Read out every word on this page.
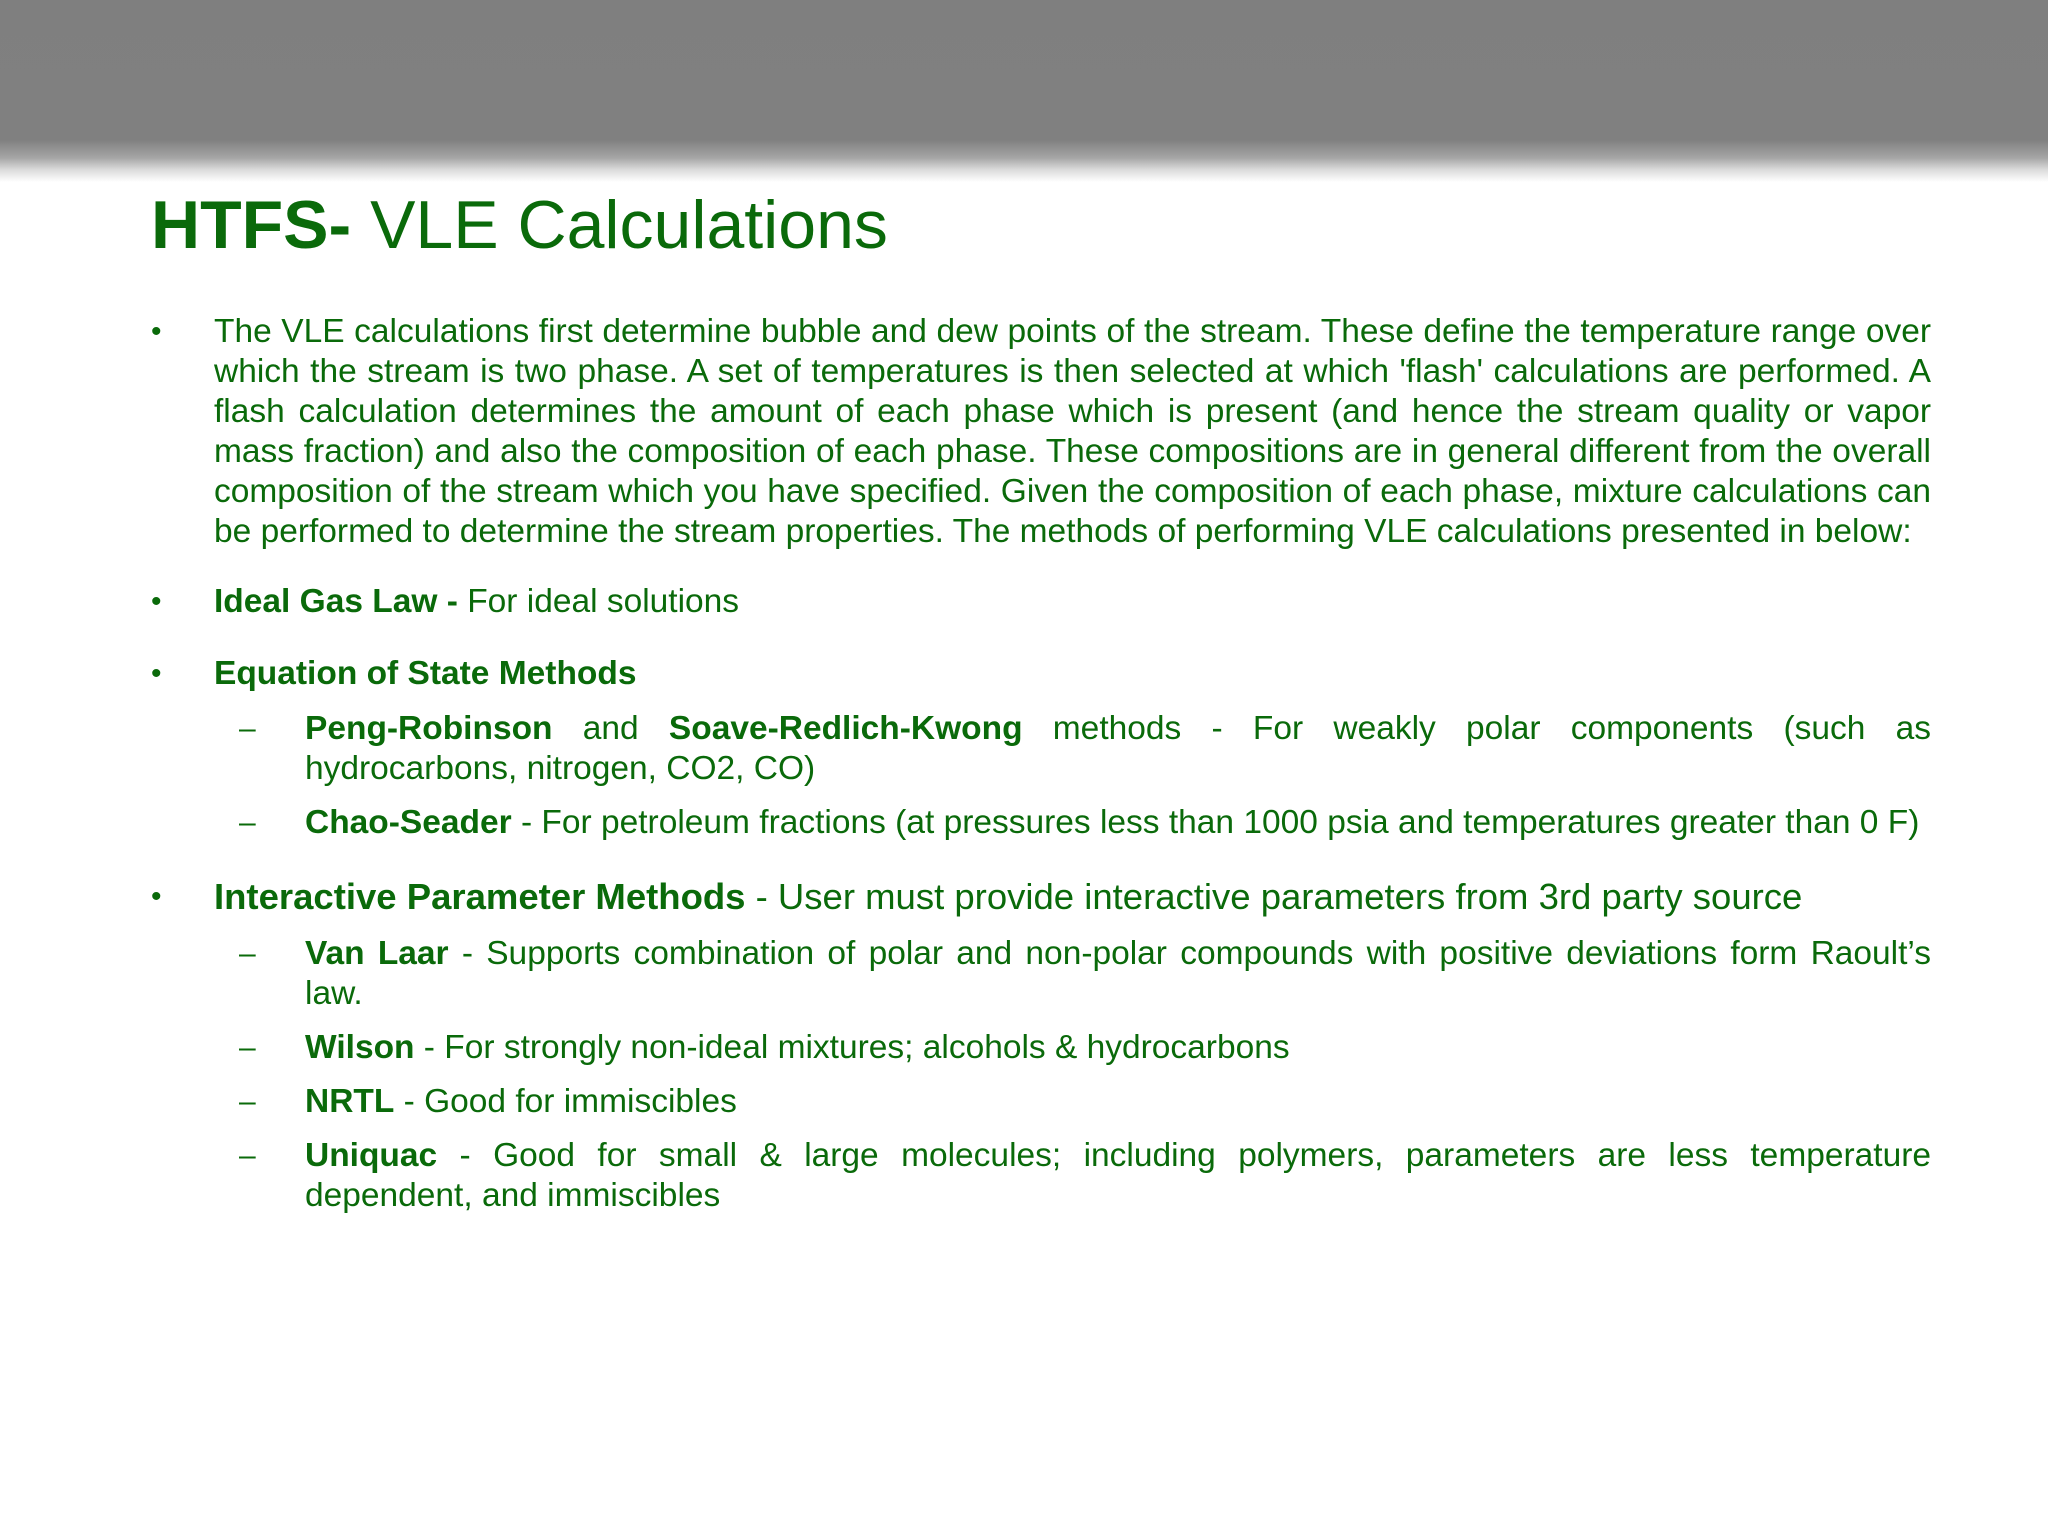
HTFS- VLE Calculations
•	The VLE calculations first determine bubble and dew points of the stream. These define the temperature range over which the stream is two phase. A set of temperatures is then selected at which 'flash' calculations are performed. A flash calculation determines the amount of each phase which is present (and hence the stream quality or vapor mass fraction) and also the composition of each phase. These compositions are in general different from the overall composition of the stream which you have specified. Given the composition of each phase, mixture calculations can be performed to determine the stream properties. The methods of performing VLE calculations presented in below:
•	Ideal Gas Law - For ideal solutions
•	Equation of State Methods
– Peng-Robinson and Soave-Redlich-Kwong methods - For weakly polar components (such as hydrocarbons, nitrogen, CO2, CO)
– Chao-Seader - For petroleum fractions (at pressures less than 1000 psia and temperatures greater than 0 F)
•	Interactive Parameter Methods - User must provide interactive parameters from 3rd party source
– Van Laar - Supports combination of polar and non-polar compounds with positive deviations form Raoult’s law.
– Wilson - For strongly non-ideal mixtures; alcohols & hydrocarbons
– NRTL - Good for immiscibles
– Uniquac - Good for small & large molecules; including polymers, parameters are less temperature dependent, and immiscibles
